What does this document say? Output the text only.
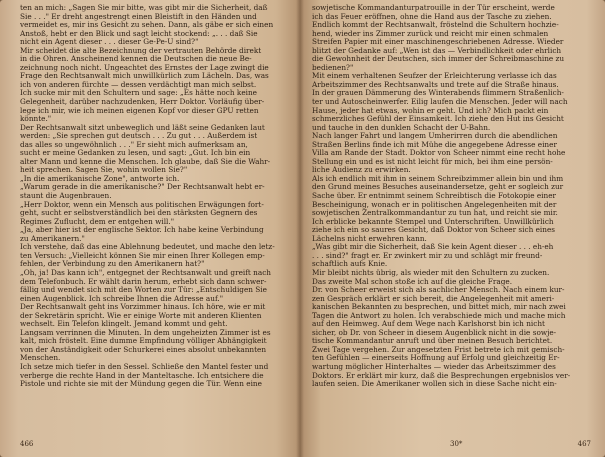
ten an mich: „Sagen Sie mir bitte, was gibt mir die Sicherheit, daß
Sie . . ." Er dreht angestrengt einen Bleistift in den Händen und
vermeidet es, mir ins Gesicht zu sehen. Dann, als gäbe er sich einen
Anstoß, hebt er den Blick und sagt leicht stockend: „. . . daß Sie
nicht ein Agent dieser . . . dieser Ge-Pe-U sind?"
Mir scheidet die alte Bezeichnung der vertrauten Behörde direkt
in die Ohren. Anscheinend kennen die Deutschen die neue Be-
zeichnung noch nicht. Ungeachtet des Ernstes der Lage zwingt die
Frage den Rechtsanwalt mich unwillkürlich zum Lächeln. Das, was
ich von anderen fürchte — dessen verdächtigt man mich selbst.
Ich sucke mir mit den Schultern und sage: „Es hätte noch keine
Gelegenheit, darüber nachzudenken, Herr Doktor. Vorläufig über-
lege ich mir, wie ich meinen eigenen Kopf vor dieser GPU retten
könnte."
Der Rechtsanwalt sitzt unbeweglich und läßt seine Gedanken laut
werden: „Sie sprechen gut deutsch . . . Zu gut . . . Außerdem ist
das alles so ungewöhnlich . . ." Er sieht mich aufmerksam an,
sucht er meine Gedanken zu lesen, und sagt: „Gut. Ich bin ein
alter Mann und kenne die Menschen. Ich glaube, daß Sie die Wahr-
heit sprechen. Sagen Sie, wohin wollen Sie?"
„In die amerikanische Zone", antworte ich.
„Warum gerade in die amerikanische?" Der Rechtsanwalt hebt er-
staunt die Augenbrauen.
„Herr Doktor, wenn ein Mensch aus politischen Erwägungen fort-
geht, sucht er selbstverständlich bei den stärksten Gegnern des
Regimes Zuflucht, dem er entgehen will."
„Ja, aber hier ist der englische Sektor. Ich habe keine Verbindung
zu Amerikanern."
Ich verstehe, daß das eine Ablehnung bedeutet, und mache den letz-
ten Versuch: „Vielleicht können Sie mir einen Ihrer Kollegen emp-
fehlen, der Verbindung zu den Amerikanern hat?"
„Oh, ja! Das kann ich", entgegnet der Rechtsanwalt und greift nach
dem Telefonbuch. Er wählt darin herum, erhebt sich dann schwer-
fällig und wendet sich mit den Worten zur Tür: „Entschuldigen Sie
einen Augenblick. Ich schreibe Ihnen die Adresse auf."
Der Rechtsanwalt geht ins Vorzimmer hinaus. Ich höre, wie er mit
der Sekretärin spricht. Wie er einige Worte mit anderen Klienten
wechselt. Ein Telefon klingelt. Jemand kommt und geht.
Langsam verrinnen die Minuten. In dem ungeheizten Zimmer ist es
kalt, mich fröstelt. Eine dumme Empfindung völliger Abhängigkeit
von der Anständigkeit oder Schurkerei eines absolut unbekannten
Menschen.
Ich setze mich tiefer in den Sessel. Schließe den Mantel fester und
verberge die rechte Hand in der Manteltasche. Ich entsichere die
Pistole und richte sie mit der Mündung gegen die Tür. Wenn eine
466
sowjetische Kommandanturpatrouille in der Tür erscheint, werde
ich das Feuer eröffnen, ohne die Hand aus der Tasche zu ziehen.
Endlich kommt der Rechtsanwalt, fröstelnd die Schultern hochzie-
hend, wieder ins Zimmer zurück und reicht mir einen schmalen
Streifen Papier mit einer maschinengeschriebenen Adresse. Wieder
blitzt der Gedanke auf: „Wen ist das — Verbindlichkeit oder ehrlich
die Gewohnheit der Deutschen, sich immer der Schreibmaschine zu
bedienen?"
Mit einem verhaltenen Seufzer der Erleichterung verlasse ich das
Arbeitszimmer des Rechtsanwalts und trete auf die Straße hinaus.
In der grauen Dämmerung des Winterabends flimmern Straßenlich-
ter und Autoscheinwerfer. Eilig laufen die Menschen. Jeder will nach
Hause, jeder hat etwas, wohin er geht. Und ich? Mich packt ein
schmerzliches Gefühl der Einsamkeit. Ich ziehe den Hut ins Gesicht
und tauche in den dunklen Schacht der U-Bahn.
Nach langer Fahrt und langem Umherirren durch die abendlichen
Straßen Berlins finde ich mit Mühe die angegebene Adresse einer
Villa am Rande der Stadt. Doktor von Scheer nimmt eine recht hohe
Stellung ein und es ist nicht leicht für mich, bei ihm eine persön-
liche Audienz zu erwirken.
Als ich endlich mit ihm in seinem Schreibzimmer allein bin und ihm
den Grund meines Besuches auseinandersetze, geht er sogleich zur
Sache über. Er entnimmt seinem Schreibtisch die Fotokopie einer
Bescheinigung, wonach er in politischen Angelegenheiten mit der
sowjetischen Zentralkommandantur zu tun hat, und reicht sie mir.
Ich erblicke bekannte Stempel und Unterschriften. Unwillkürlich
ziehe ich ein so saures Gesicht, daß Doktor von Scheer sich eines
Lächelns nicht erwehren kann.
„Was gibt mir die Sicherheit, daß Sie kein Agent dieser . . . eh-eh
. . . sind?" fragt er. Er zwinkert mir zu und schlägt mir freund-
schaftlich aufs Knie.
Mir bleibt nichts übrig, als wieder mit den Schultern zu zucken.
Das zweite Mal schon stoße ich auf die gleiche Frage.
Dr. von Scheer erweist sich als sachlicher Mensch. Nach einem kur-
zen Gespräch erklärt er sich bereit, die Angelegenheit mit ameri-
kanischen Bekannten zu besprechen, und bittet mich, mir nach zwei
Tagen die Antwort zu holen. Ich verabschiede mich und mache mich
auf den Heimweg. Auf dem Wege nach Karlshorst bin ich nicht
sicher, ob Dr. von Scheer in diesem Augenblick nicht in die sowje-
tische Kommandantur anruft und über meinen Besuch berichtet.
Zwei Tage vergehen. Zur angesetzten Frist betrete ich mit gemisch-
ten Gefühlen — einerseits Hoffnung auf Erfolg und gleichzeitig Er-
wartung möglicher Hinterhaltes — wieder das Arbeitszimmer des
Doktors. Er erklärt mir kurz, daß die Besprechungen ergebnislos ver-
laufen seien. Die Amerikaner wollen sich in diese Sache nicht ein-
30*	467
